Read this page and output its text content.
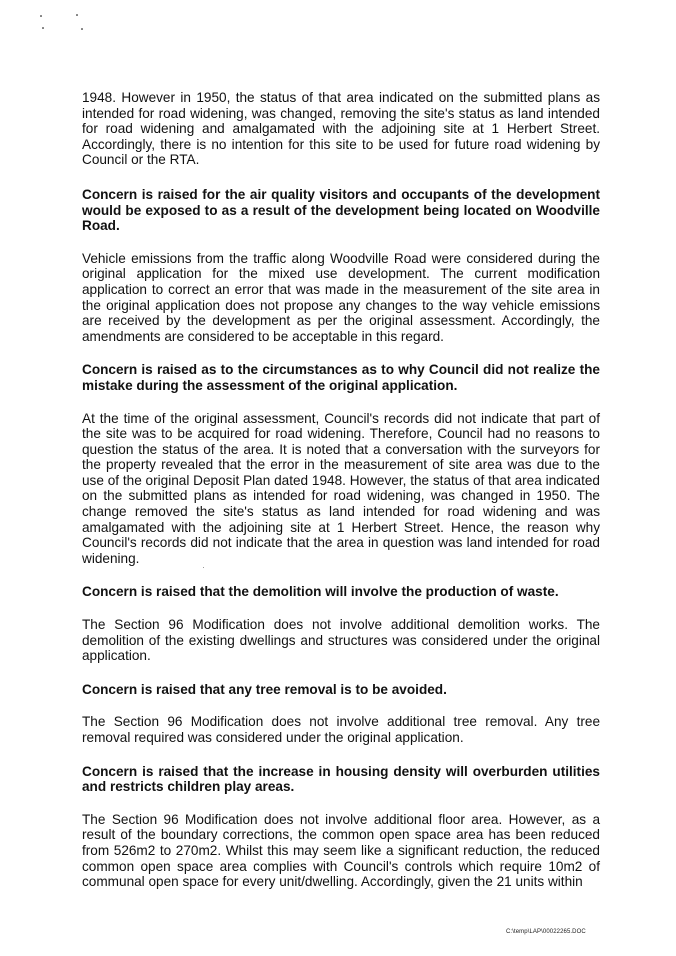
1948. However in 1950, the status of that area indicated on the submitted plans as intended for road widening, was changed, removing the site's status as land intended for road widening and amalgamated with the adjoining site at 1 Herbert Street. Accordingly, there is no intention for this site to be used for future road widening by Council or the RTA.

Concern is raised for the air quality visitors and occupants of the development would be exposed to as a result of the development being located on Woodville Road.

Vehicle emissions from the traffic along Woodville Road were considered during the original application for the mixed use development. The current modification application to correct an error that was made in the measurement of the site area in the original application does not propose any changes to the way vehicle emissions are received by the development as per the original assessment. Accordingly, the amendments are considered to be acceptable in this regard.

Concern is raised as to the circumstances as to why Council did not realize the mistake during the assessment of the original application.

At the time of the original assessment, Council's records did not indicate that part of the site was to be acquired for road widening. Therefore, Council had no reasons to question the status of the area. It is noted that a conversation with the surveyors for the property revealed that the error in the measurement of site area was due to the use of the original Deposit Plan dated 1948. However, the status of that area indicated on the submitted plans as intended for road widening, was changed in 1950. The change removed the site's status as land intended for road widening and was amalgamated with the adjoining site at 1 Herbert Street. Hence, the reason why Council's records did not indicate that the area in question was land intended for road widening.

Concern is raised that the demolition will involve the production of waste.

The Section 96 Modification does not involve additional demolition works. The demolition of the existing dwellings and structures was considered under the original application.

Concern is raised that any tree removal is to be avoided.

The Section 96 Modification does not involve additional tree removal. Any tree removal required was considered under the original application.

Concern is raised that the increase in housing density will overburden utilities and restricts children play areas.

The Section 96 Modification does not involve additional floor area. However, as a result of the boundary corrections, the common open space area has been reduced from 526m2 to 270m2. Whilst this may seem like a significant reduction, the reduced common open space area complies with Council's controls which require 10m2 of communal open space for every unit/dwelling. Accordingly, given the 21 units within

C:\temp\LAP\00022265.DOC
